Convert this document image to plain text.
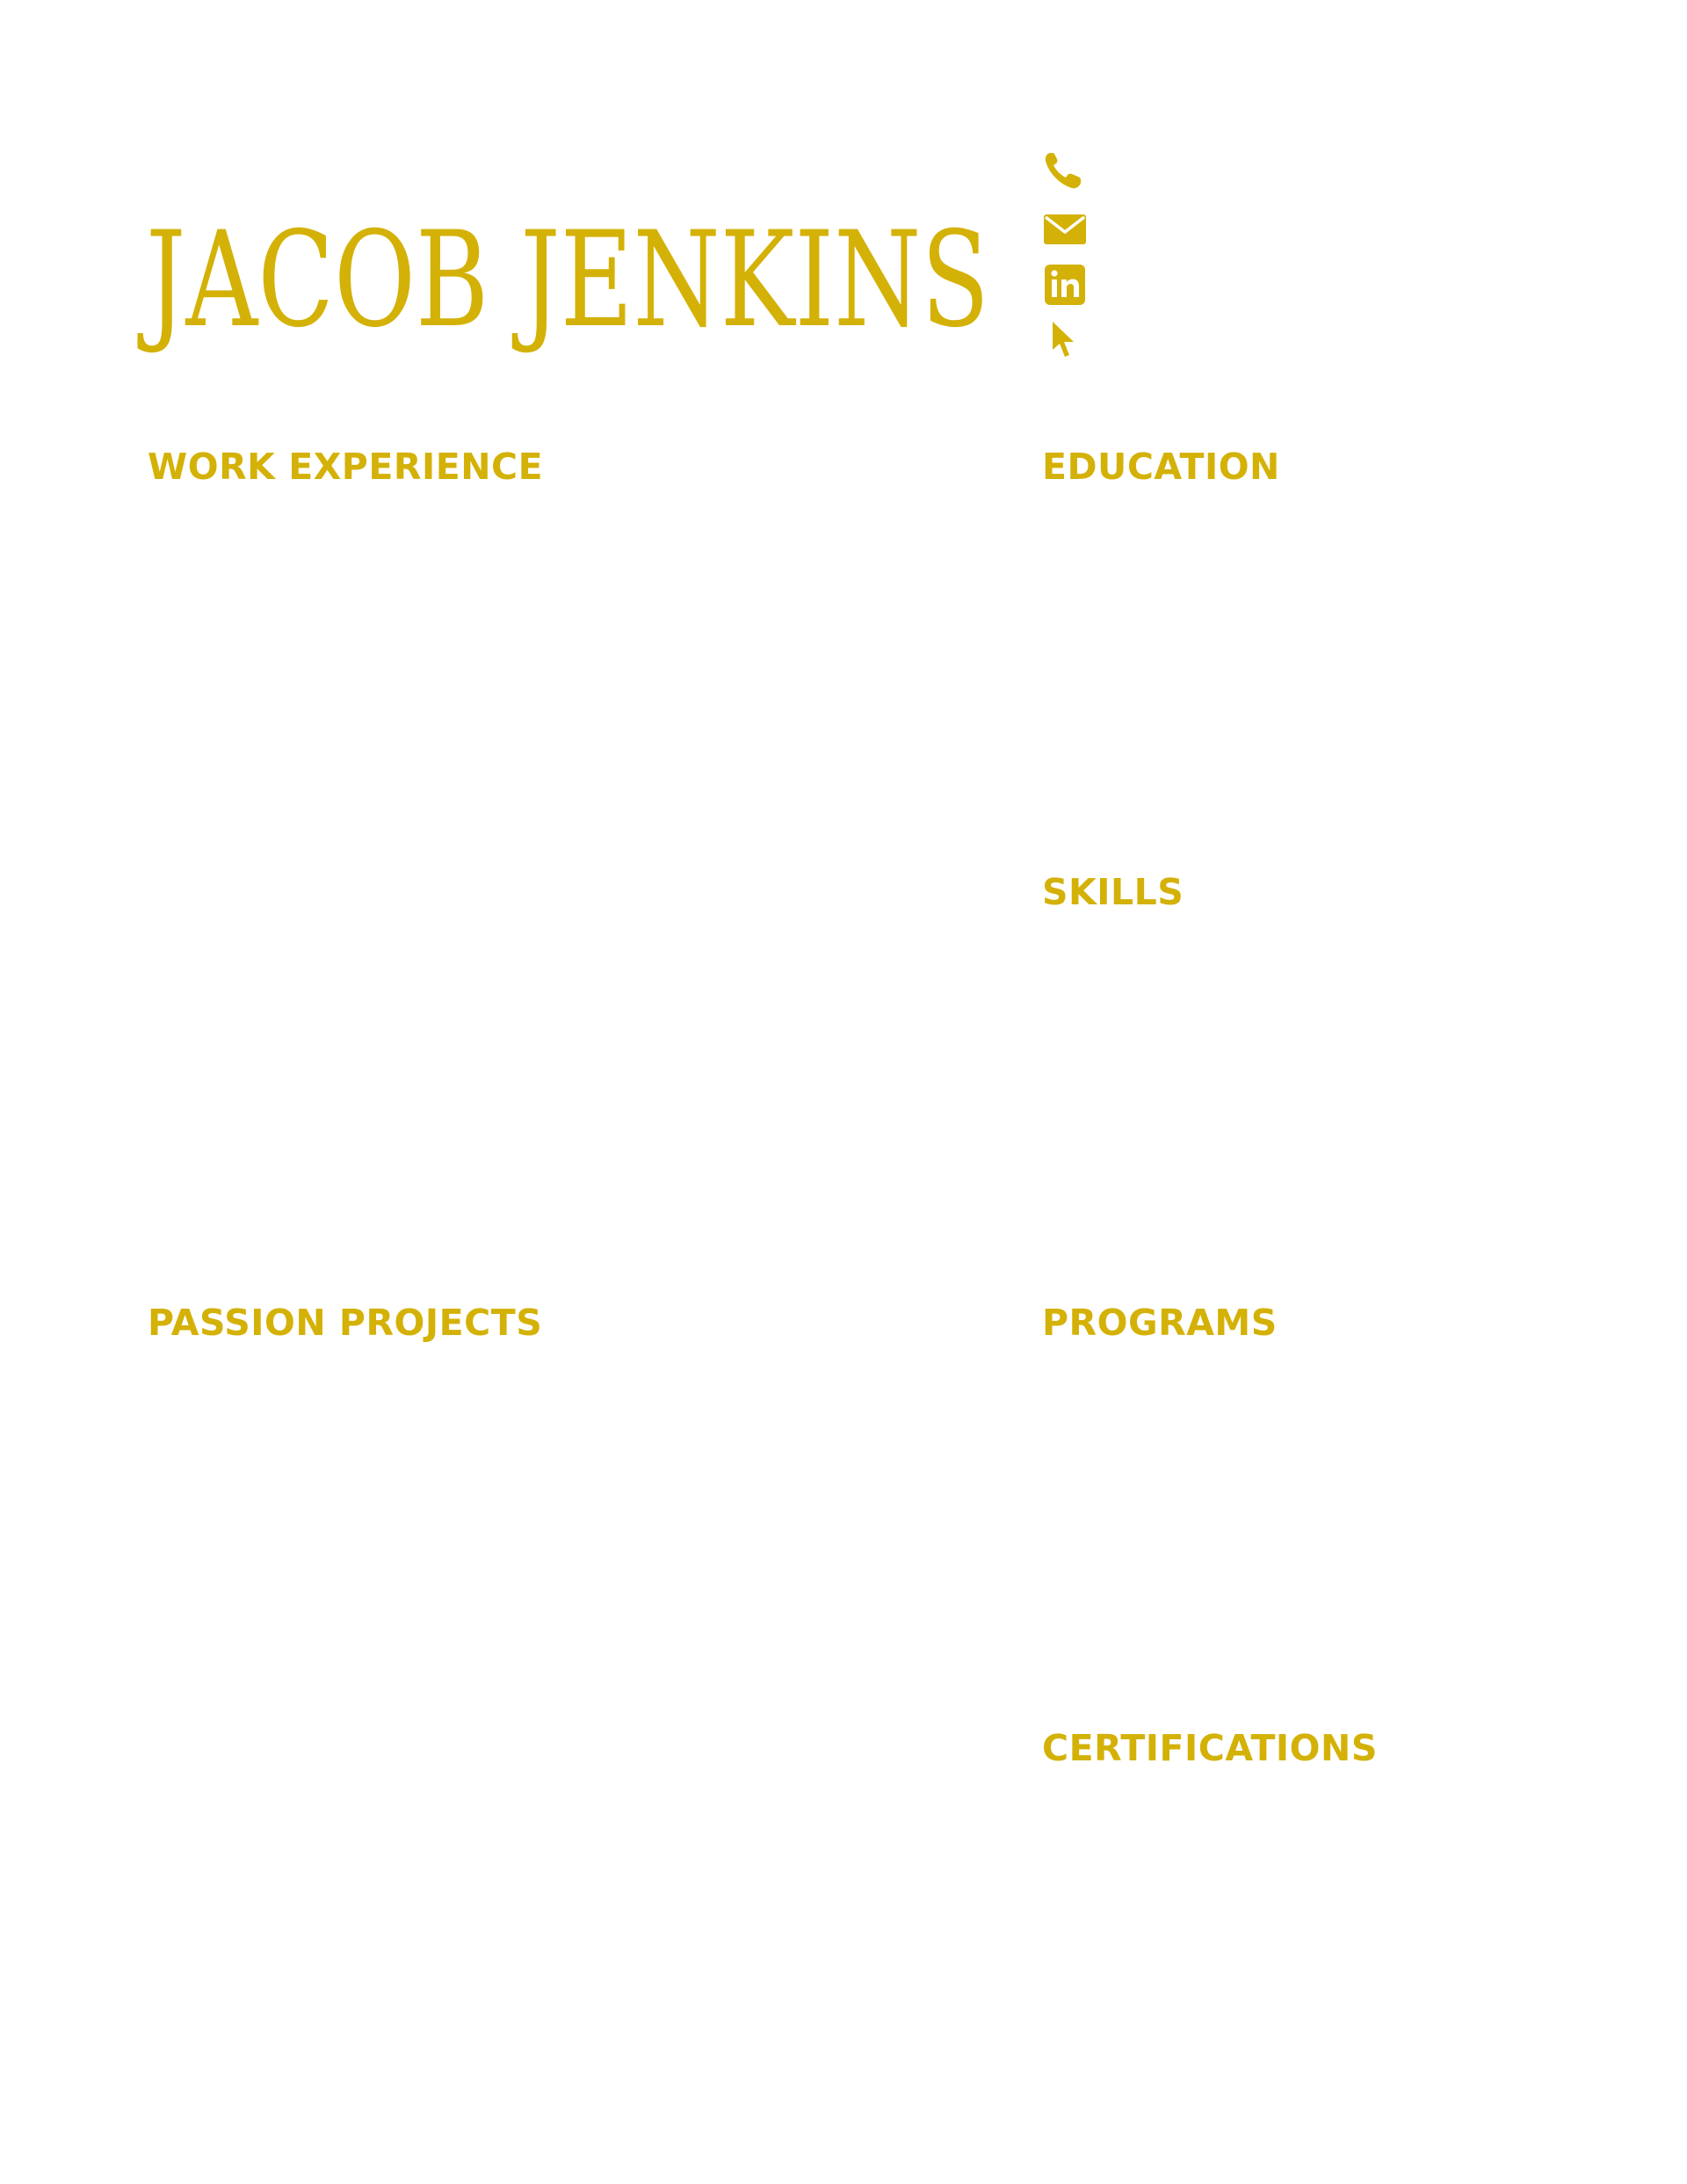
JACOB JENKINS
WORK EXPERIENCE	EDUCATION
SKILLS
PASSION PROJECTS	PROGRAMS
CERTIFICATIONS
